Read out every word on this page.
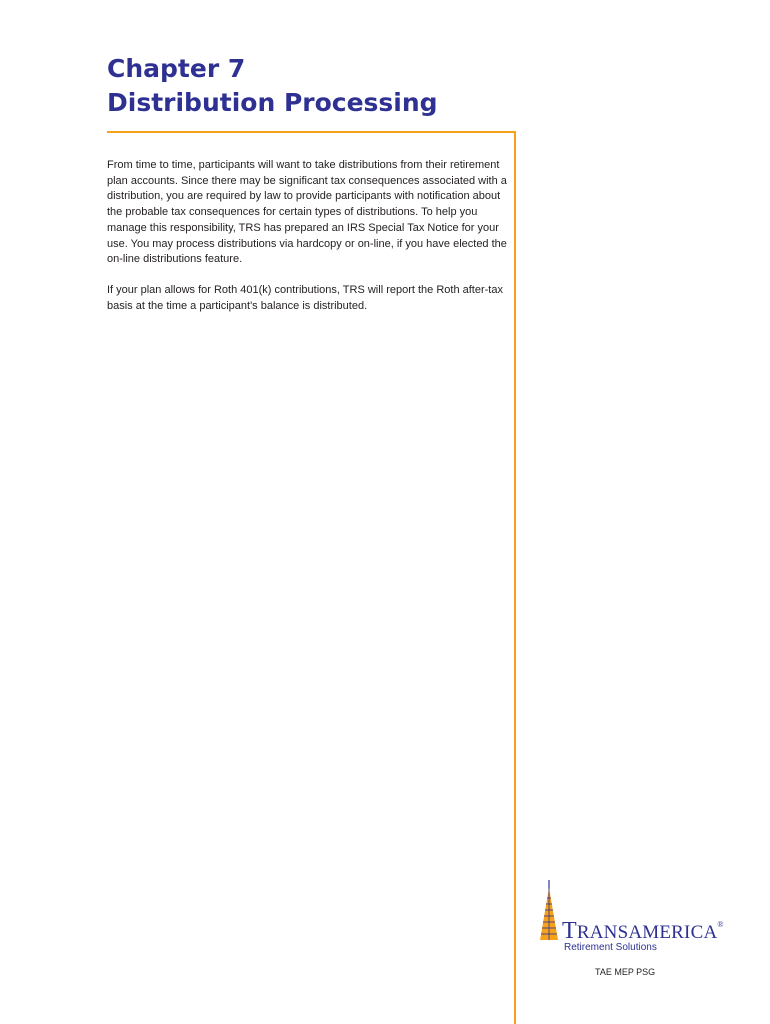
Chapter 7
Distribution Processing

From time to time, participants will want to take distributions from their retirement plan accounts. Since there may be significant tax consequences associated with a distribution, you are required by law to provide participants with notification about the probable tax consequences for certain types of distributions. To help you manage this responsibility, TRS has prepared an IRS Special Tax Notice for your use. You may process distributions via hardcopy or on-line, if you have elected the on-line distributions feature.

If your plan allows for Roth 401(k) contributions, TRS will report the Roth after-tax basis at the time a participant's balance is distributed.

TRANSAMERICA®
Retirement Solutions
TAE MEP PSG
